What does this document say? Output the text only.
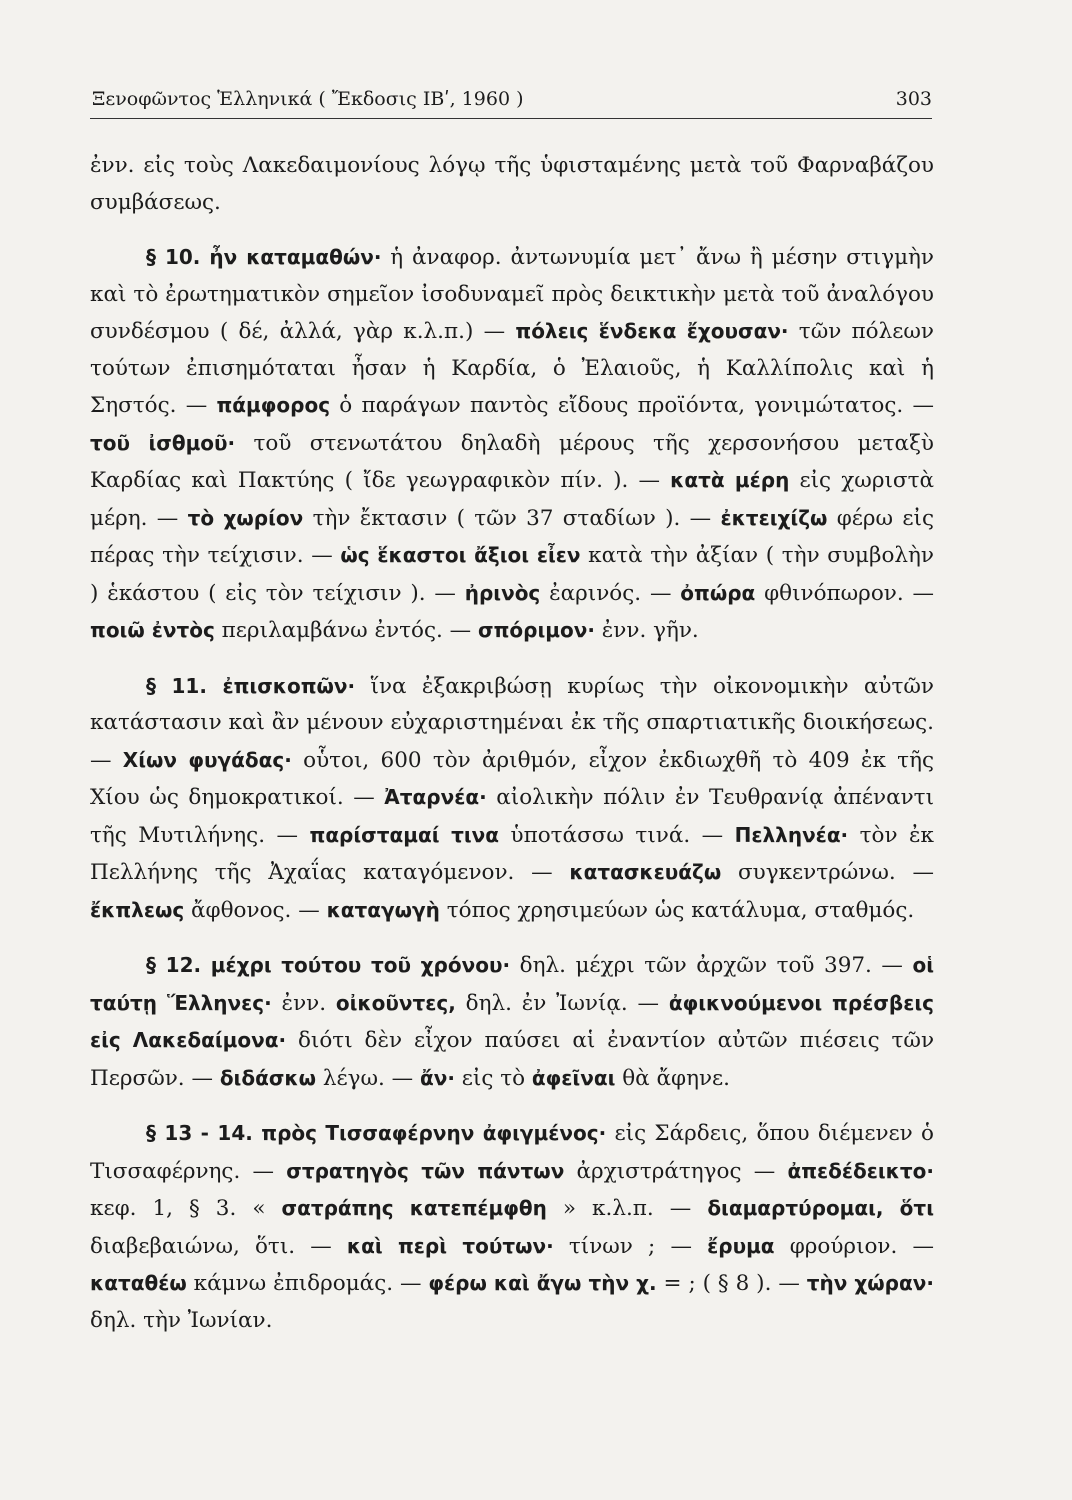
Ξενοφῶντος Ἑλληνικά ( Ἔκδοσις ΙΒʹ, 1960 )	303

ἐνν. εἰς τοὺς Λακεδαιμονίους λόγῳ τῆς ὑφισταμένης μετὰ τοῦ Φαρναβάζου συμβάσεως.

§ 10. ἦν καταμαθών· ἡ ἀναφορ. ἀντωνυμία μετ᾿ ἄνω ἢ μέσην στιγμὴν καὶ τὸ ἐρωτηματικὸν σημεῖον ἰσοδυναμεῖ πρὸς δεικτικὴν μετὰ τοῦ ἀναλόγου συνδέσμου ( δέ, ἀλλά, γὰρ κ.λ.π.) — πόλεις ἕνδεκα ἔχουσαν· τῶν πόλεων τούτων ἐπισημόταται ἦσαν ἡ Καρδία, ὁ Ἐλαιοῦς, ἡ Καλλίπολις καὶ ἡ Σηστός. — πάμφορος ὁ παράγων παντὸς εἴδους προϊόντα, γονιμώτατος. — τοῦ ἰσθμοῦ· τοῦ στενωτάτου δηλαδὴ μέρους τῆς χερσονήσου μεταξὺ Καρδίας καὶ Πακτύης ( ἴδε γεωγραφικὸν πίν. ). — κατὰ μέρη εἰς χωριστὰ μέρη. — τὸ χωρίον τὴν ἔκτασιν ( τῶν 37 σταδίων ). — ἐκτειχίζω φέρω εἰς πέρας τὴν τείχισιν. — ὡς ἕκαστοι ἄξιοι εἶεν κατὰ τὴν ἀξίαν ( τὴν συμβολὴν ) ἑκάστου ( εἰς τὸν τείχισιν ). — ἠρινὸς ἐαρινός. — ὀπώρα φθινόπωρον. — ποιῶ ἐντὸς περιλαμβάνω ἐντός. — σπόριμον· ἐνν. γῆν.

§ 11. ἐπισκοπῶν· ἵνα ἐξακριβώσῃ κυρίως τὴν οἰκονομικὴν αὐτῶν κατάστασιν καὶ ἂν μένουν εὐχαριστημέναι ἐκ τῆς σπαρτιατικῆς διοικήσεως. — Χίων φυγάδας· οὗτοι, 600 τὸν ἀριθμόν, εἶχον ἐκδιωχθῆ τὸ 409 ἐκ τῆς Χίου ὡς δημοκρατικοί. — Ἀταρνέα· αἰολικὴν πόλιν ἐν Τευθρανίᾳ ἀπέναντι τῆς Μυτιλήνης. — παρίσταμαί τινα ὑποτάσσω τινά. — Πελληνέα· τὸν ἐκ Πελλήνης τῆς Ἀχαΐας καταγόμενον. — κατασκευάζω συγκεντρώνω. — ἔκπλεως ἄφθονος. — καταγωγὴ τόπος χρησιμεύων ὡς κατάλυμα, σταθμός.

§ 12. μέχρι τούτου τοῦ χρόνου· δηλ. μέχρι τῶν ἀρχῶν τοῦ 397. — οἱ ταύτῃ Ἕλληνες· ἐνν. οἰκοῦντες, δηλ. ἐν Ἰωνίᾳ. — ἀφικνούμενοι πρέσβεις εἰς Λακεδαίμονα· διότι δὲν εἶχον παύσει αἱ ἐναντίον αὐτῶν πιέσεις τῶν Περσῶν. — διδάσκω λέγω. — ἄν· εἰς τὸ ἀφεῖναι θὰ ἄφηνε.

§ 13 - 14. πρὸς Τισσαφέρνην ἀφιγμένος· εἰς Σάρδεις, ὅπου διέμενεν ὁ Τισσαφέρνης. — στρατηγὸς τῶν πάντων ἀρχιστράτηγος — ἀπεδέδεικτο· κεφ. 1, § 3. « σατράπης κατεπέμφθη » κ.λ.π. — διαμαρτύρομαι, ὅτι διαβεβαιώνω, ὅτι. — καὶ περὶ τούτων· τίνων ; — ἔρυμα φρούριον. — καταθέω κάμνω ἐπιδρομάς. — φέρω καὶ ἄγω τὴν χ. = ; ( § 8 ). — τὴν χώραν· δηλ. τὴν Ἰωνίαν.
